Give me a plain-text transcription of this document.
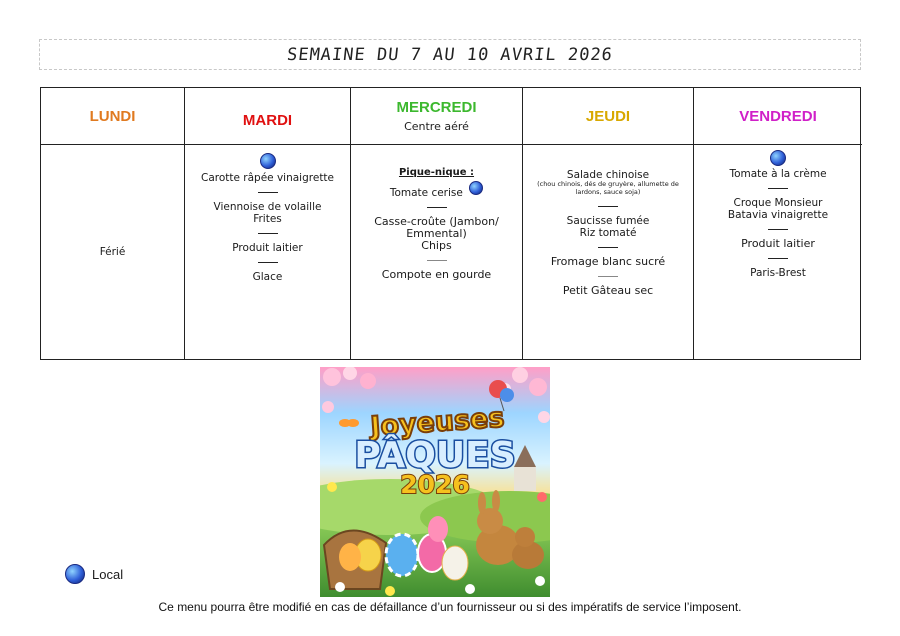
SEMAINE DU 7 AU 10 AVRIL 2026
LUNDI	MARDI
MERCREDI
Centre aéré
JEUDI	VENDREDI
Férié
Carotte râpée vinaigrette
Viennoise de volaille
Frites
Produit laitier
Glace
Pique-nique :
Tomate cerise
Casse-croûte (Jambon/
Emmental)
Chips
Compote en gourde
Salade chinoise
(chou chinois, dés de gruyère, allumette de lardons, sauce soja)
Saucisse fumée
Riz tomaté
Fromage blanc sucré
Petit Gâteau sec
Tomate à la crème
Croque Monsieur
Batavia vinaigrette
Produit laitier
Paris-Brest
Joyeuses
PÂQUES
2026
Local
Ce menu pourra être modifié en cas de défaillance d’un fournisseur ou si des impératifs de service l’imposent.
